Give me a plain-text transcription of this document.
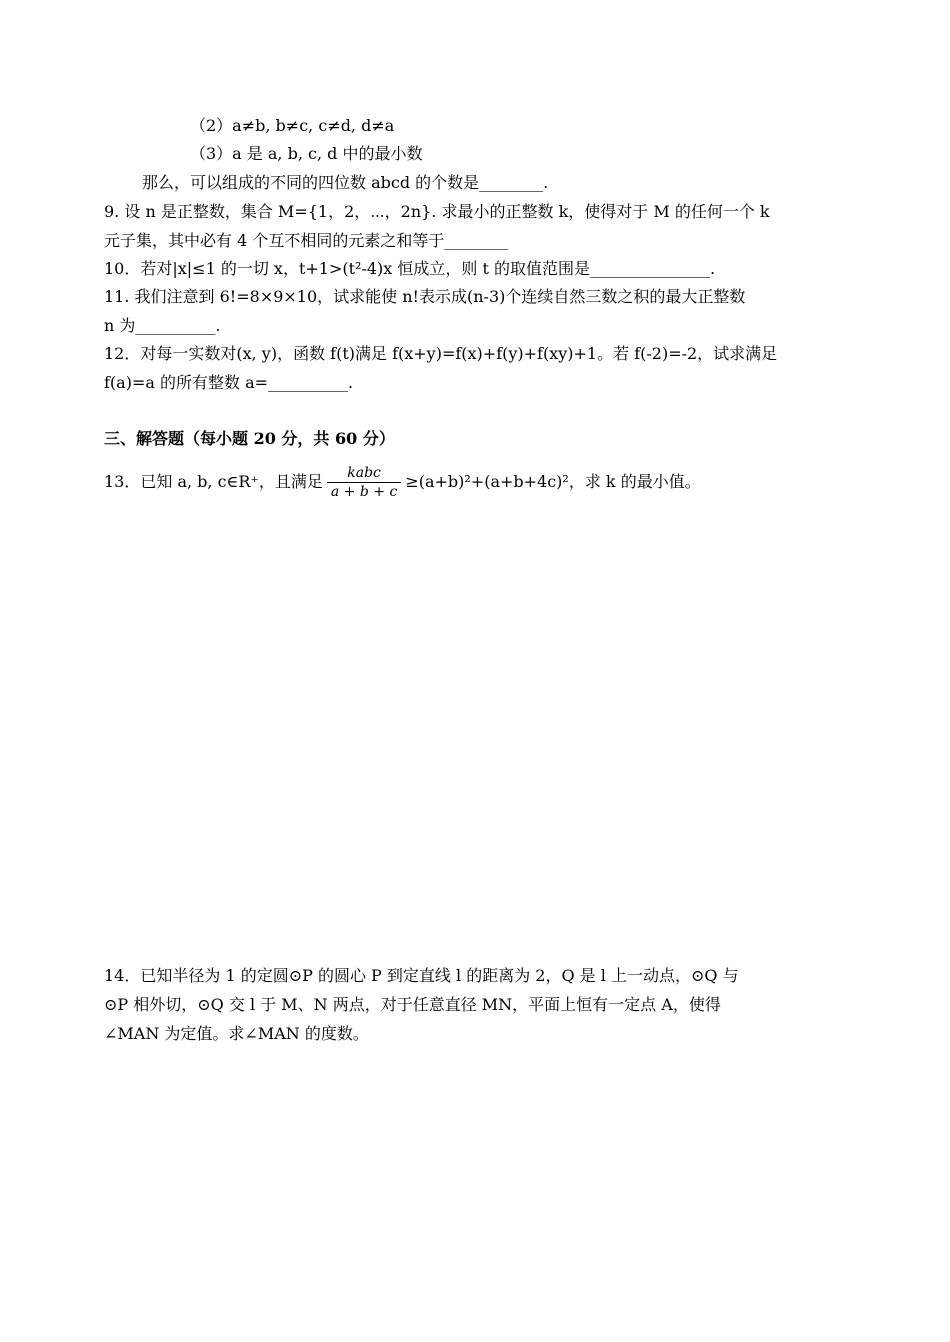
（2）a≠b, b≠c, c≠d, d≠a
（3）a 是 a, b, c, d 中的最小数
那么，可以组成的不同的四位数 abcd 的个数是________.
9. 设 n 是正整数，集合 M={1，2，⋯，2n}. 求最小的正整数 k，使得对于 M 的任何一个 k
元子集，其中必有 4 个互不相同的元素之和等于________
10．若对|x|≤1 的一切 x，t+1>(t²-4)x 恒成立，则 t 的取值范围是_______________.
11. 我们注意到 6!=8×9×10，试求能使 n!表示成(n-3)个连续自然三数之积的最大正整数
n 为__________.
12．对每一实数对(x, y)，函数 f(t)满足 f(x+y)=f(x)+f(y)+f(xy)+1。若 f(-2)=-2，试求满足
f(a)=a 的所有整数 a=__________.
三、解答题（每小题 20 分，共 60 分）
13．已知 a, b, c∈R⁺，且满足 $\frac{\text{kabc}}{a + b + c} \ge(a+b)^2+(a+b+4c)^2$，求 k 的最小值。
14．已知半径为 1 的定圆⊙P 的圆心 P 到定直线 l 的距离为 2，Q 是 l 上一动点，⊙Q 与
⊙P 相外切，⊙Q 交 l 于 M、N 两点，对于任意直径 MN，平面上恒有一定点 A，使得
∠MAN 为定值。求∠MAN 的度数。
